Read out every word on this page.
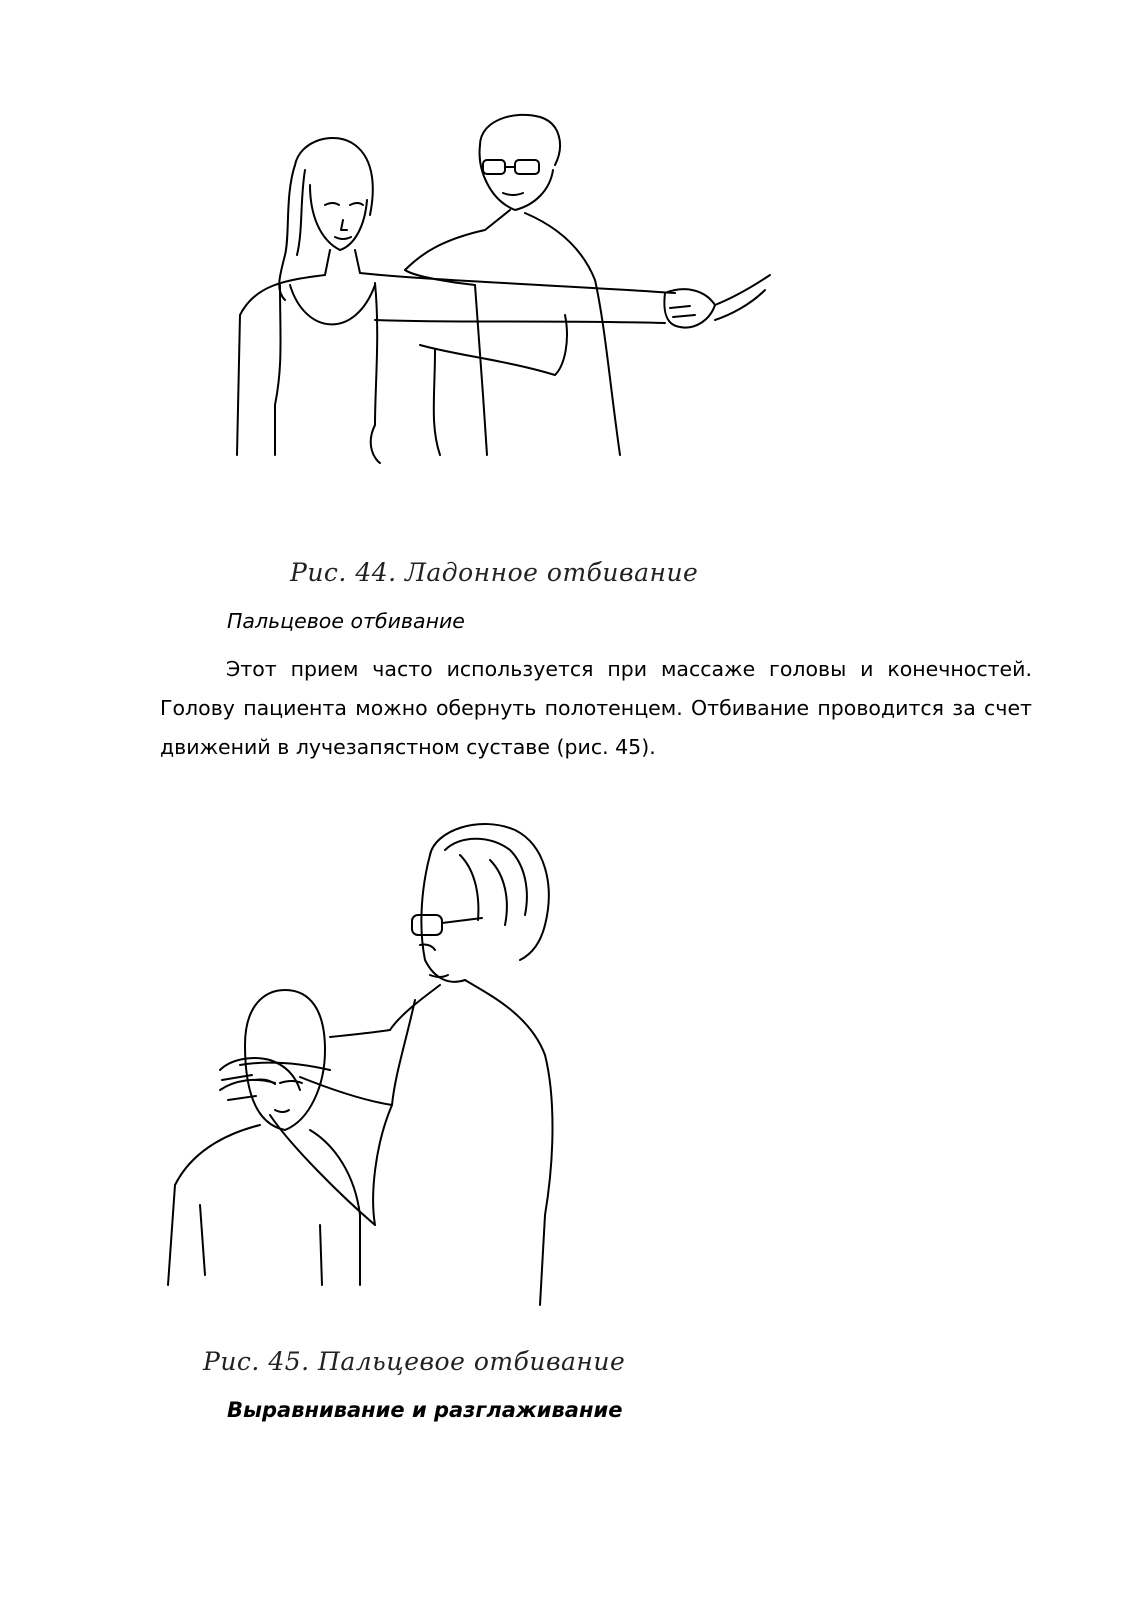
Рис. 44. Ладонное отбивание
Пальцевое отбивание
Этот прием часто используется при массаже головы и конечностей. Голову пациента можно обернуть полотенцем. Отбивание проводится за счет движений в лучезапястном суставе (рис. 45).
Рис. 45. Пальцевое отбивание
Выравнивание и разглаживание
